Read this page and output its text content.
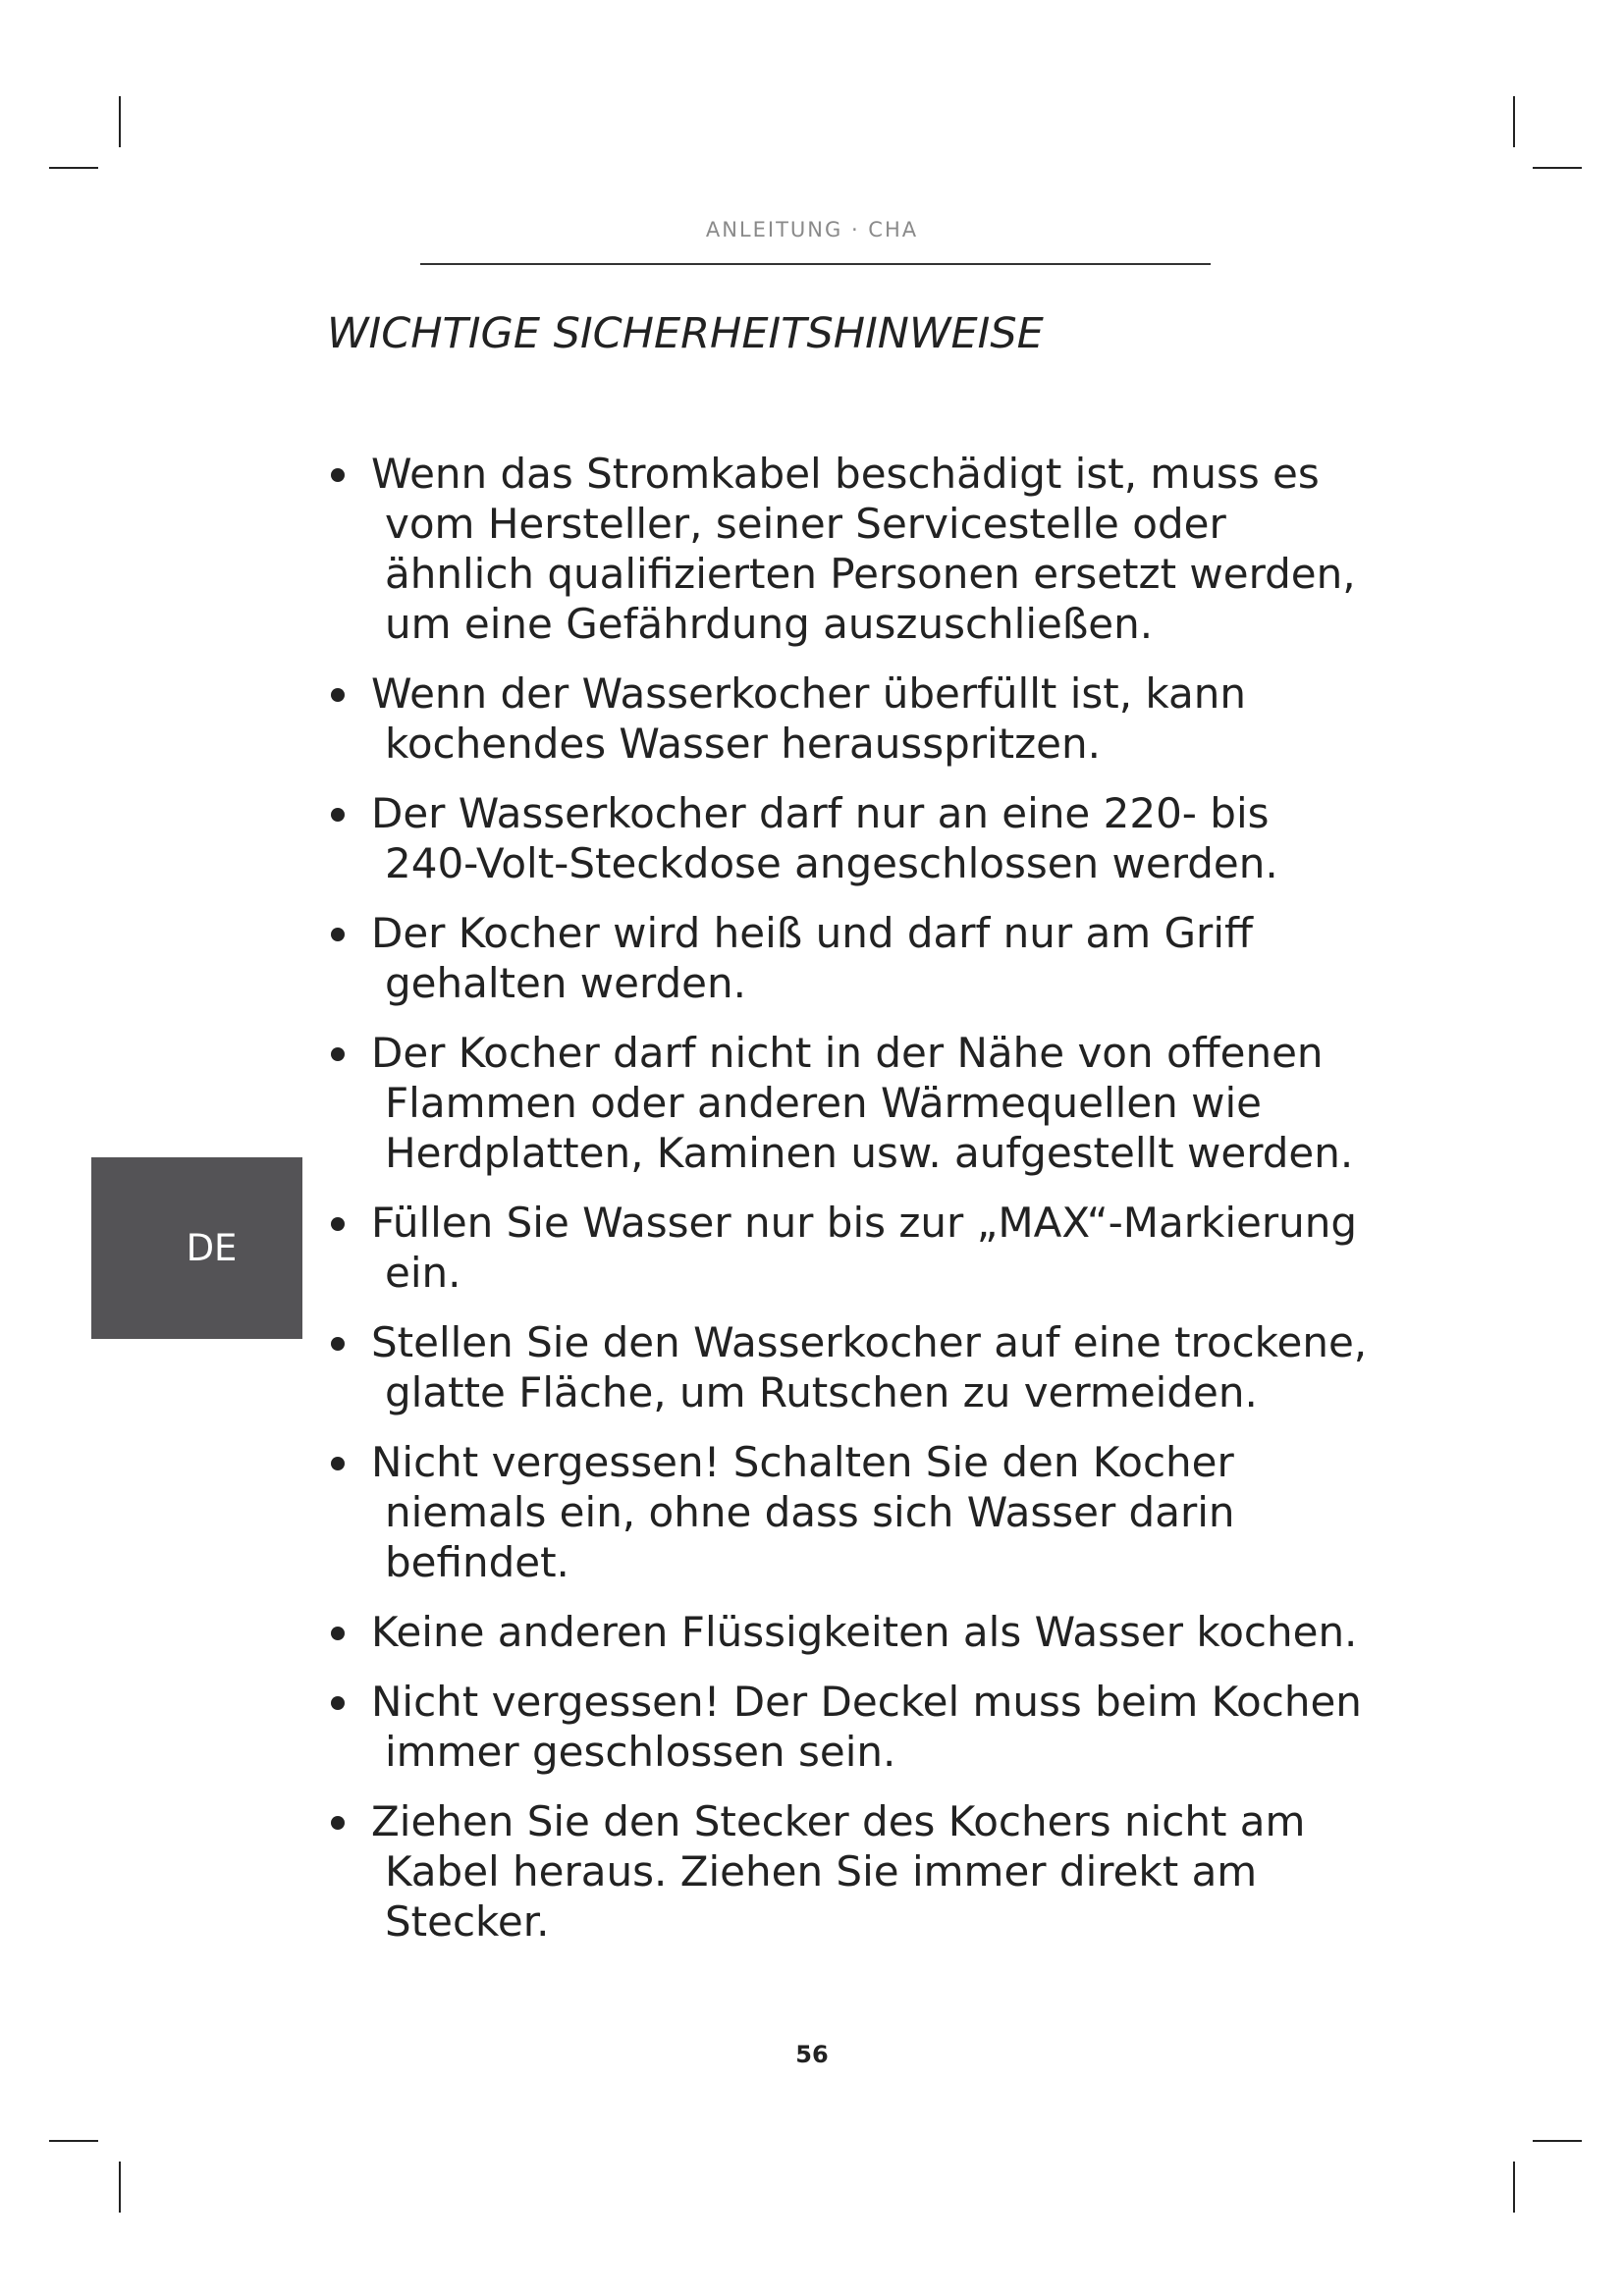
ANLEITUNG · CHA
WICHTIGE SICHERHEITSHINWEISE
DE
Wenn das Stromkabel beschädigt ist, muss es vom Hersteller, seiner Servicestelle oder ähnlich qualifizierten Personen ersetzt werden, um eine Gefährdung auszuschließen.
Wenn der Wasserkocher überfüllt ist, kann kochendes Wasser herausspritzen.
Der Wasserkocher darf nur an eine 220- bis 240-Volt-Steckdose angeschlossen werden.
Der Kocher wird heiß und darf nur am Griff gehalten werden.
Der Kocher darf nicht in der Nähe von offenen Flammen oder anderen Wärmequellen wie Herdplatten, Kaminen usw. aufgestellt werden.
Füllen Sie Wasser nur bis zur „MAX“-Markierung ein.
Stellen Sie den Wasserkocher auf eine trockene, glatte Fläche, um Rutschen zu vermeiden.
Nicht vergessen! Schalten Sie den Kocher niemals ein, ohne dass sich Wasser darin befindet.
Keine anderen Flüssigkeiten als Wasser kochen.
Nicht vergessen! Der Deckel muss beim Kochen immer geschlossen sein.
Ziehen Sie den Stecker des Kochers nicht am Kabel heraus. Ziehen Sie immer direkt am Stecker.
56
